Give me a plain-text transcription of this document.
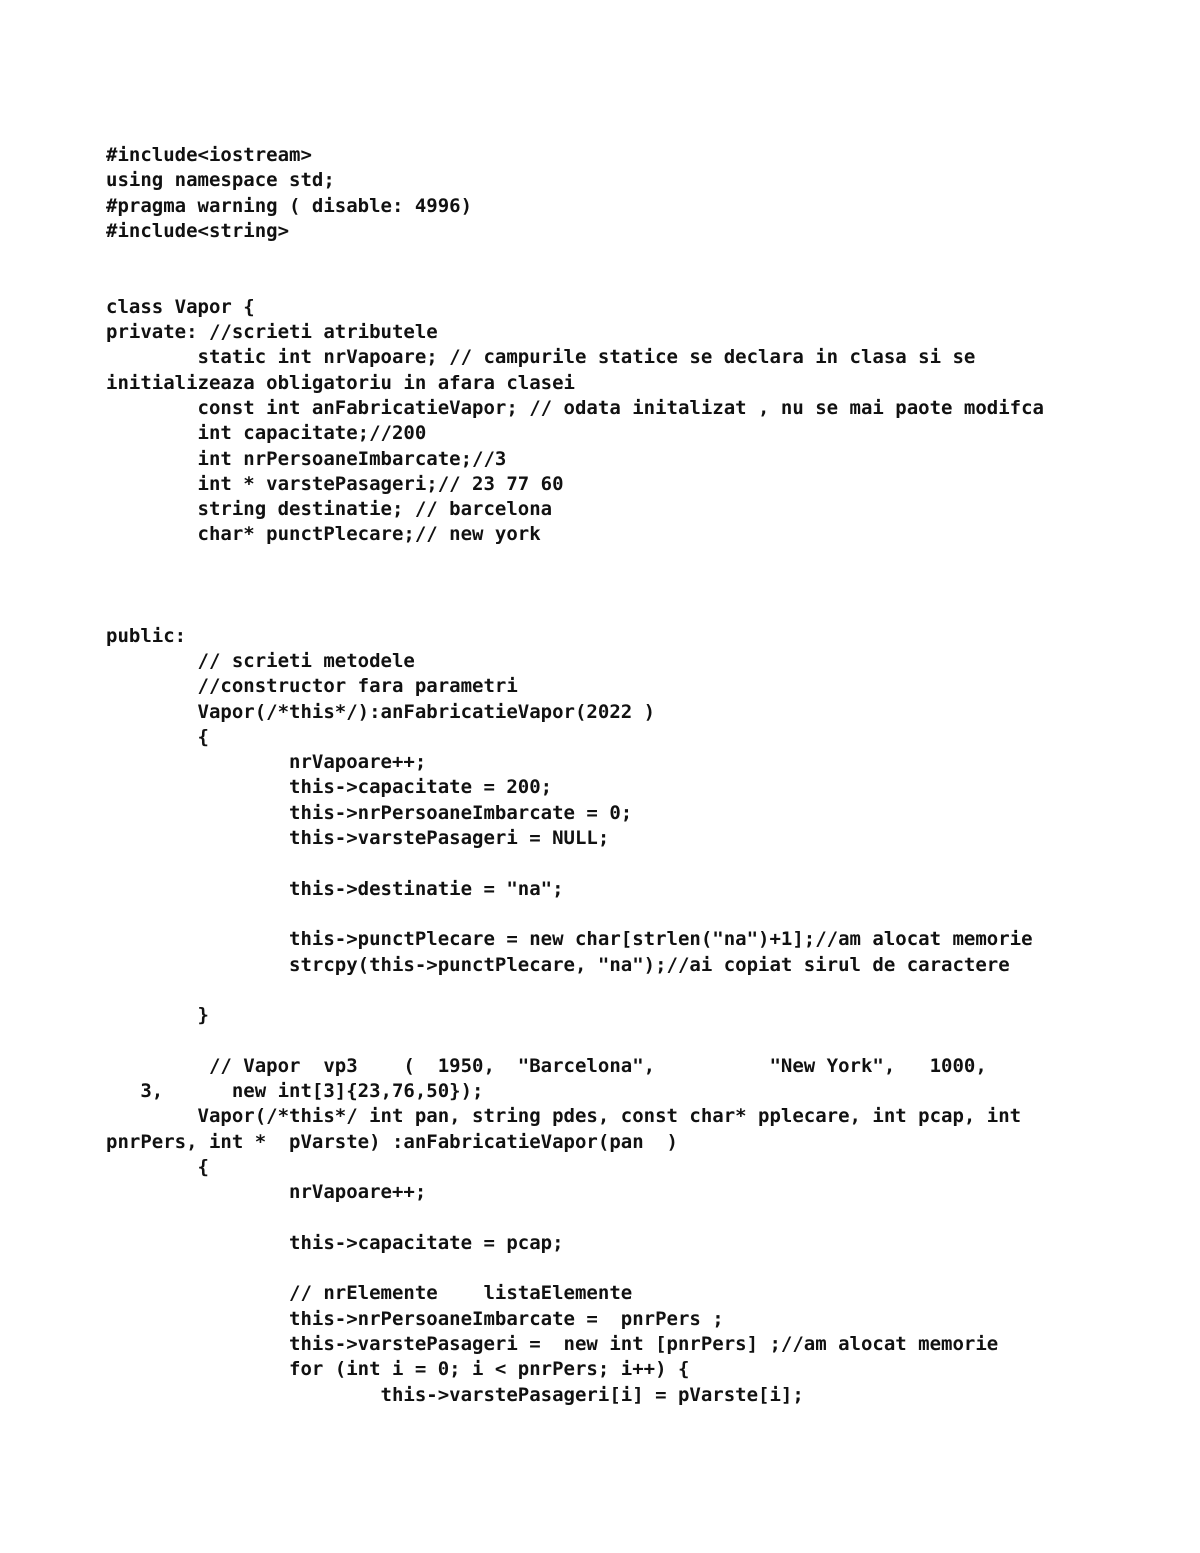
#include<iostream>
using namespace std;
#pragma warning ( disable: 4996)
#include<string>
class Vapor {
private: //scrieti atributele
static int nrVapoare; // campurile statice se declara in clasa si se
initializeaza obligatoriu in afara clasei
const int anFabricatieVapor; // odata initalizat , nu se mai paote modifca
int capacitate;//200
int nrPersoaneImbarcate;//3
int * varstePasageri;// 23 77 60
string destinatie; // barcelona
char* punctPlecare;// new york
public:
// scrieti metodele
//constructor fara parametri
Vapor(/*this*/):anFabricatieVapor(2022 )
{
nrVapoare++;
this->capacitate = 200;
this->nrPersoaneImbarcate = 0;
this->varstePasageri = NULL;
this->destinatie = "na";
this->punctPlecare = new char[strlen("na")+1];//am alocat memorie
strcpy(this->punctPlecare, "na");//ai copiat sirul de caractere
}
// Vapor  vp3    (  1950,  "Barcelona",          "New York",   1000,
3,      new int[3]{23,76,50});
Vapor(/*this*/ int pan, string pdes, const char* pplecare, int pcap, int
pnrPers, int *  pVarste) :anFabricatieVapor(pan  )
{
nrVapoare++;
this->capacitate = pcap;
// nrElemente    listaElemente
this->nrPersoaneImbarcate =  pnrPers ;
this->varstePasageri =  new int [pnrPers] ;//am alocat memorie
for (int i = 0; i < pnrPers; i++) {
this->varstePasageri[i] = pVarste[i];
